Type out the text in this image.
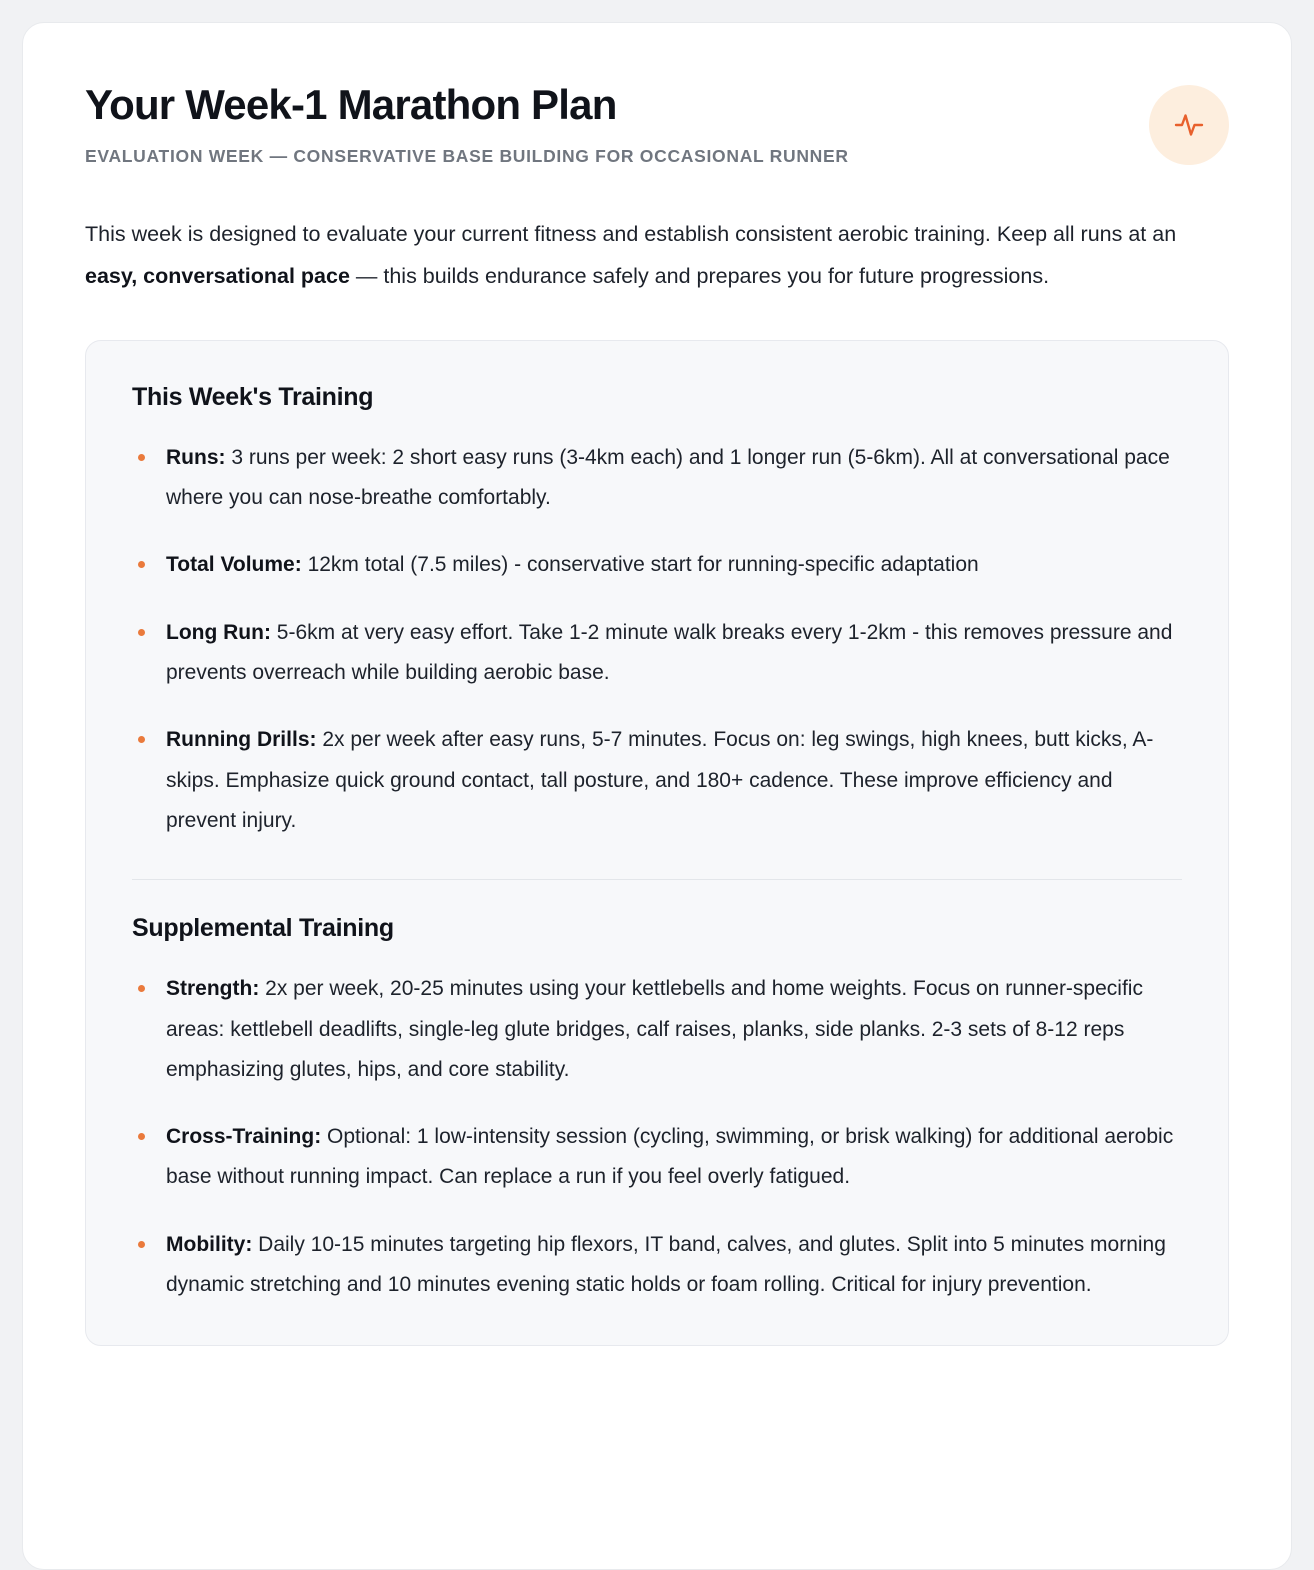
Your Week-1 Marathon Plan
EVALUATION WEEK — CONSERVATIVE BASE BUILDING FOR OCCASIONAL RUNNER

This week is designed to evaluate your current fitness and establish consistent aerobic training. Keep all runs at an easy, conversational pace — this builds endurance safely and prepares you for future progressions.

This Week's Training
Runs: 3 runs per week: 2 short easy runs (3-4km each) and 1 longer run (5-6km). All at conversational pace where you can nose-breathe comfortably.
Total Volume: 12km total (7.5 miles) - conservative start for running-specific adaptation
Long Run: 5-6km at very easy effort. Take 1-2 minute walk breaks every 1-2km - this removes pressure and prevents overreach while building aerobic base.
Running Drills: 2x per week after easy runs, 5-7 minutes. Focus on: leg swings, high knees, butt kicks, A-skips. Emphasize quick ground contact, tall posture, and 180+ cadence. These improve efficiency and prevent injury.
Supplemental Training
Strength: 2x per week, 20-25 minutes using your kettlebells and home weights. Focus on runner-specific areas: kettlebell deadlifts, single-leg glute bridges, calf raises, planks, side planks. 2-3 sets of 8-12 reps emphasizing glutes, hips, and core stability.
Cross-Training: Optional: 1 low-intensity session (cycling, swimming, or brisk walking) for additional aerobic base without running impact. Can replace a run if you feel overly fatigued.
Mobility: Daily 10-15 minutes targeting hip flexors, IT band, calves, and glutes. Split into 5 minutes morning dynamic stretching and 10 minutes evening static holds or foam rolling. Critical for injury prevention.
